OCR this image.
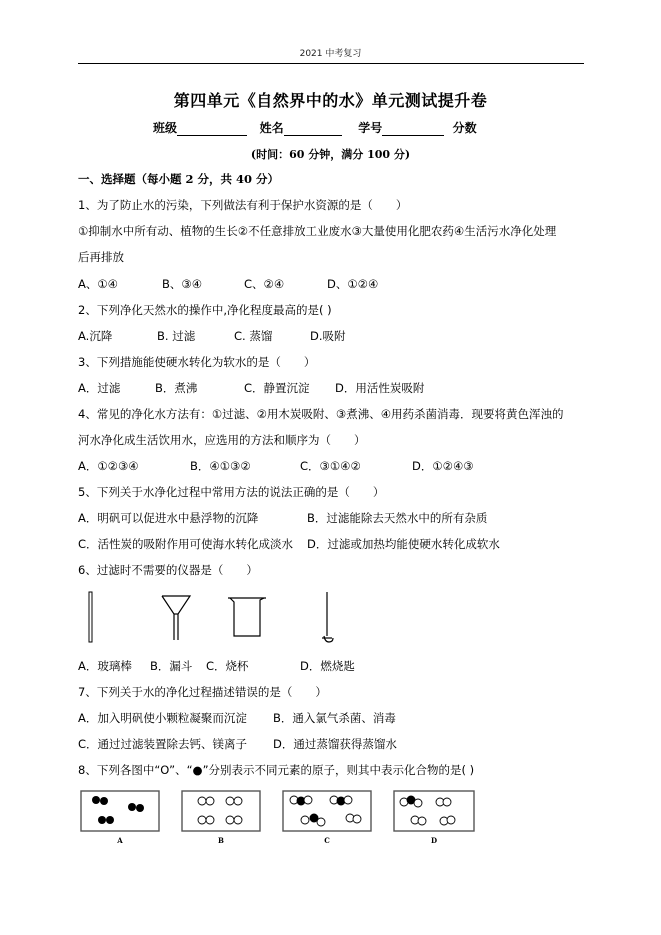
2021 中考复习
第四单元《自然界中的水》单元测试提升卷
班级	姓名	学号	分数
(时间：60 分钟，满分 100 分)
一、选择题（每小题 2 分，共 40 分）
1、为了防止水的污染，下列做法有利于保护水资源的是（　　）
①抑制水中所有动、植物的生长②不任意排放工业废水③大量使用化肥农药④生活污水净化处理
后再排放
A、①④	B、③④	C、②④	D、①②④
2、下列净化天然水的操作中,净化程度最高的是( )
A.沉降	B. 过滤	C. 蒸馏	D.吸附
3、下列措施能使硬水转化为软水的是（　　）
A．过滤	B．煮沸	C．静置沉淀 D．用活性炭吸附
4、常见的净化水方法有：①过滤、②用木炭吸附、③煮沸、④用药杀菌消毒．现要将黄色浑浊的
河水净化成生活饮用水，应选用的方法和顺序为（　　）
A．①②③④	B．④①③②	C．③①④②	D．①②④③
5、下列关于水净化过程中常用方法的说法正确的是（　　）
A．明矾可以促进水中悬浮物的沉降	B．过滤能除去天然水中的所有杂质
C．活性炭的吸附作用可使海水转化成淡水 D．过滤或加热均能使硬水转化成软水
6、过滤时不需要的仪器是（　　）
A．玻璃棒 B．漏斗 C．烧杯	D．燃烧匙
7、下列关于水的净化过程描述错误的是（　　）
A．加入明矾使小颗粒凝聚而沉淀 B．通入氯气杀菌、消毒
C．通过过滤装置除去钙、镁离子 D．通过蒸馏获得蒸馏水
8、下列各图中“O”、“●”分别表示不同元素的原子，则其中表示化合物的是( )
A	B	C	D
